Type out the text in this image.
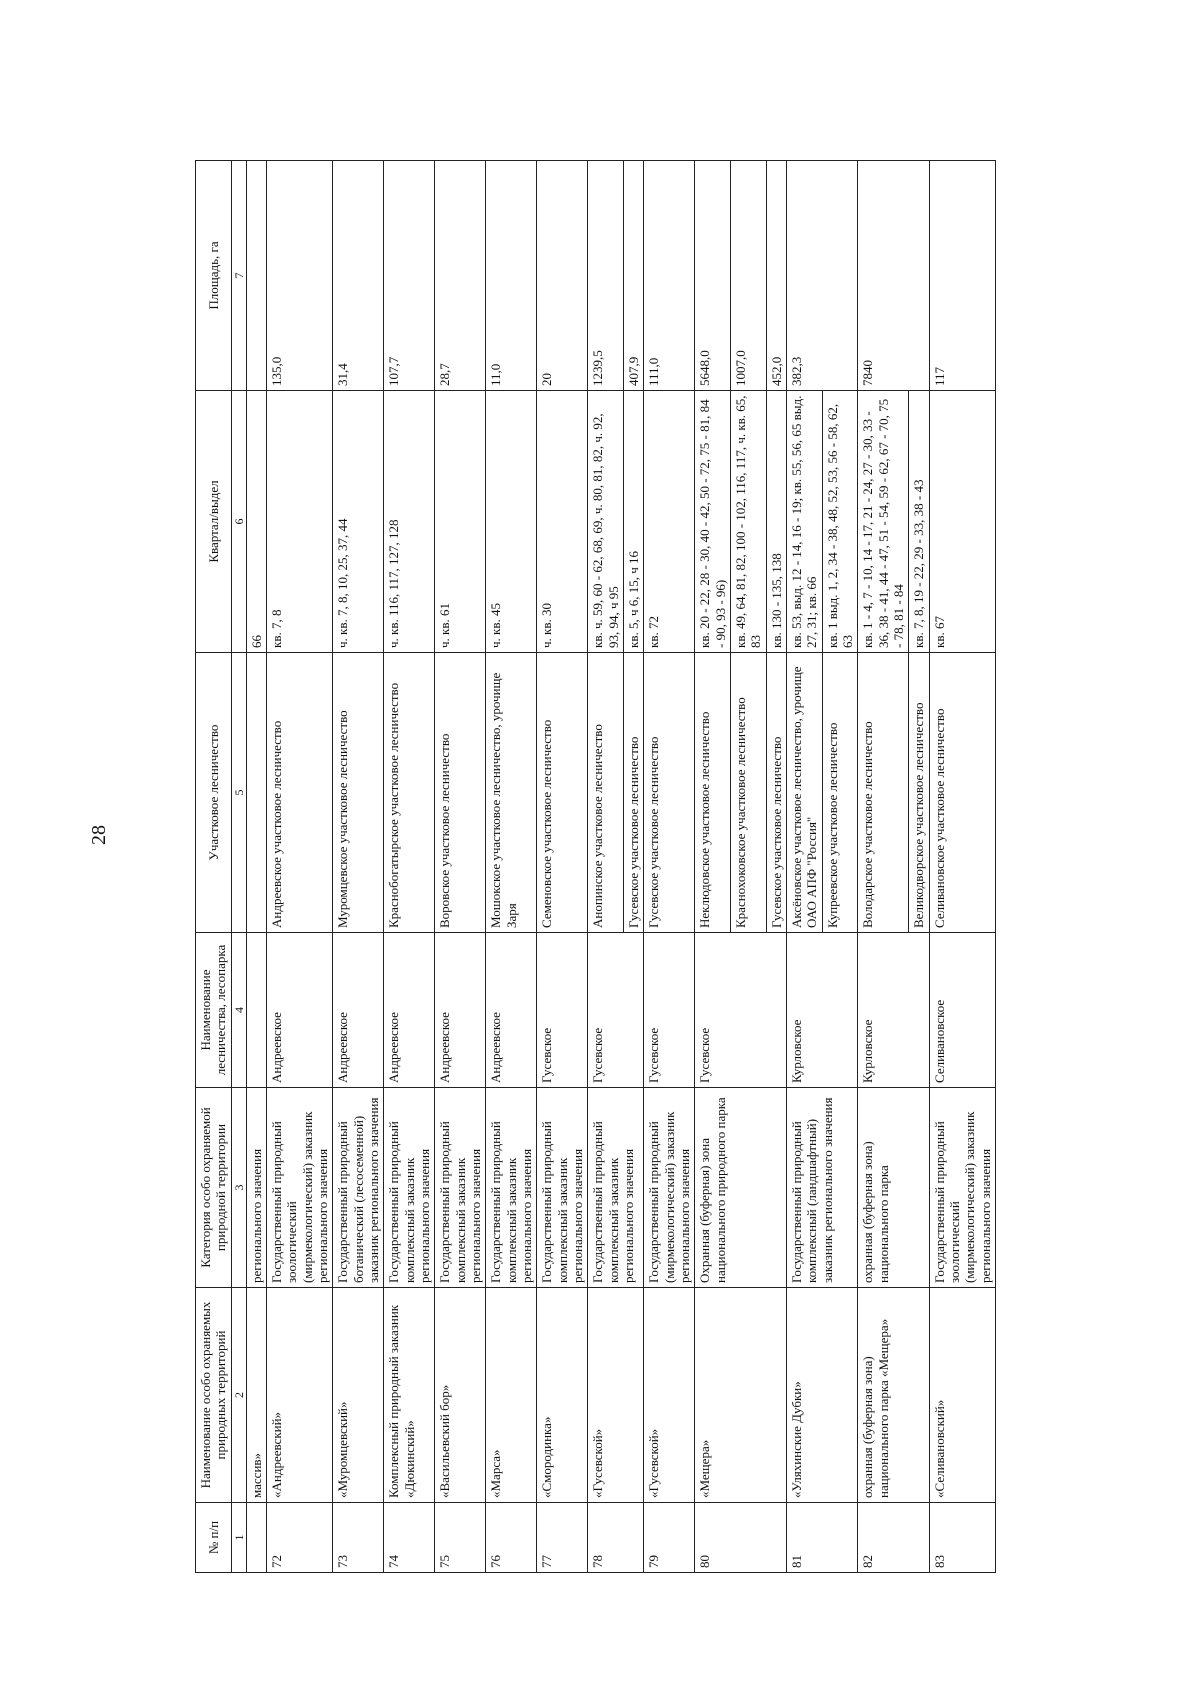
28
№ п/п	Наименование особо охраняемых природных территорий	Категория особо охраняемой природной территории	Наименование лесничества, лесопарка	Участковое лесничество	Квартал/выдел	Площадь, га
1	2	3	4	5	6	7
	массив»	регионального значения			66	
72	«Андреевский»	Государственный природный зоологический (мирмекологический) заказник регионального значения	Андреевское	Андреевское участковое лесничество	кв. 7, 8	135,0
73	«Муромцевский»	Государственный природный ботанический (лесосеменной) заказник регионального значения	Андреевское	Муромцевское участковое лесничество	ч. кв. 7, 8, 10, 25, 37, 44	31,4
74	Комплексный природный заказник «Дюкинский»	Государственный природный комплексный заказник регионального значения	Андреевское	Краснобогатырское участковое лесничество	ч. кв. 116, 117, 127, 128	107,7
75	«Васильевский бор»	Государственный природный комплексный заказник регионального значения	Андреевское	Воровское участковое лесничество	ч. кв. 61	28,7
76	«Марса»	Государственный природный комплексный заказник регионального значения	Андреевское	Мошокское участковое лесничество, урочище Заря	ч. кв. 45	11,0
77	«Смородинка»	Государственный природный комплексный заказник регионального значения	Гусевское	Семеновское участковое лесничество	ч. кв. 30	20
78	«Гусевской»	Государственный природный комплексный заказник регионального значения	Гусевское	Анопинское участковое лесничество	кв. ч. 59, 60 - 62, 68, 69, ч. 80, 81, 82, ч. 92, 93, 94, ч 95	1239,5
				Гусевское участковое лесничество	кв. 5, ч 6, 15, ч 16	407,9
79	«Гусевской»	Государственный природный (мирмекологический) заказник регионального значения	Гусевское	Гусевское участковое лесничество	кв. 72	111,0
80	«Мещера»	Охранная (буферная) зона национального природного парка	Гусевское	Неклюдовское участковое лесничество	кв. 20 - 22, 28 - 30, 40 - 42, 50 - 72, 75 - 81, 84 - 90, 93 - 96)	5648,0
				Краснохоковское участковое лесничество	кв. 49, 64, 81, 82, 100 - 102, 116, 117, ч. кв. 65, 83	1007,0
				Гусевское участковое лесничество	кв. 130 - 135, 138	452,0
81	«Уляхинские Дубки»	Государственный природный комплексный (ландшафтный) заказник регионального значения	Курловское	Аксёновское участковое лесничество, урочище ОАО АПФ "Россия"	кв. 53, выд. 12 - 14, 16 - 19; кв. 55, 56, 65 выд. 27, 31; кв. 66	382,3
				Купреевское участковое лесничество	кв. 1 выд. 1, 2, 34 - 38, 48, 52, 53, 56 - 58, 62, 63	
82	охранная (буферная зона) национального парка «Мещера»	охранная (буферная зона) национального парка	Курловское	Володарское участковое лесничество	кв. 1 - 4, 7 - 10, 14 - 17, 21 - 24, 27 - 30, 33 - 36, 38 - 41, 44 - 47, 51 - 54, 59 - 62, 67 - 70, 75 - 78, 81 - 84	7840
				Великодворское участковое лесничество	кв. 7, 8, 19 - 22, 29 - 33, 38 - 43	
83	«Селивановский»	Государственный природный зоологический (мирмекологический) заказник регионального значения	Селивановское	Селивановское участковое лесничество	кв. 67	117
